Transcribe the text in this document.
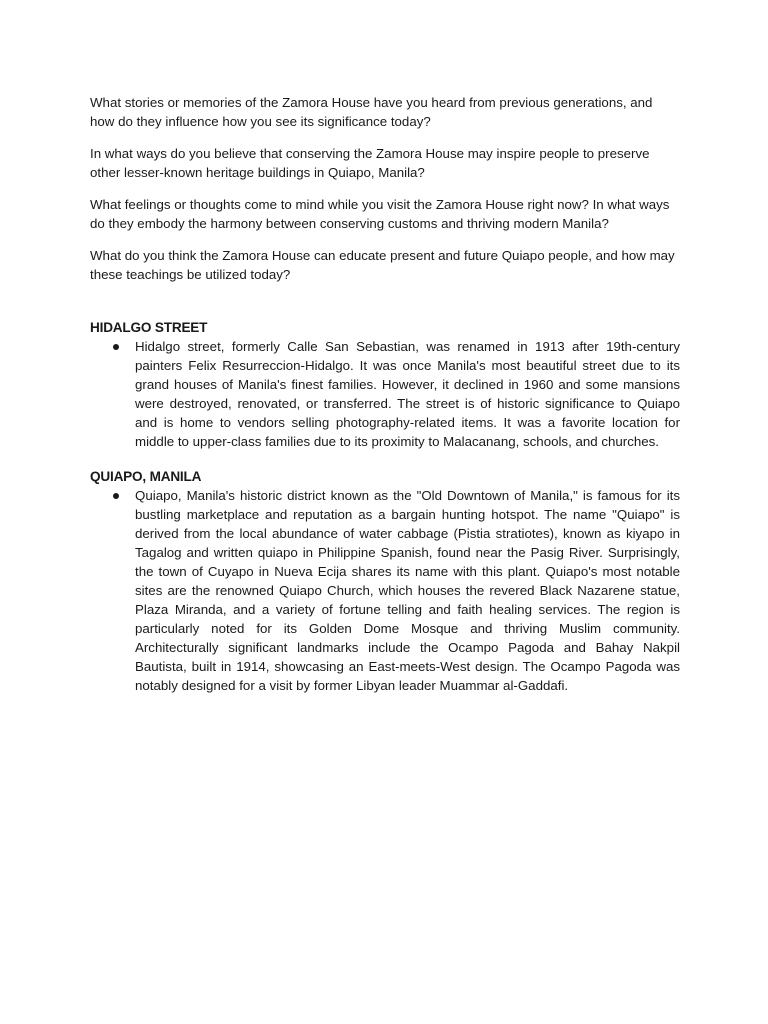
What stories or memories of the Zamora House have you heard from previous generations, and how do they influence how you see its significance today?

In what ways do you believe that conserving the Zamora House may inspire people to preserve other lesser-known heritage buildings in Quiapo, Manila?

What feelings or thoughts come to mind while you visit the Zamora House right now? In what ways do they embody the harmony between conserving customs and thriving modern Manila?

What do you think the Zamora House can educate present and future Quiapo people, and how may these teachings be utilized today?

HIDALGO STREET
Hidalgo street, formerly Calle San Sebastian, was renamed in 1913 after 19th-century painters Felix Resurreccion-Hidalgo. It was once Manila's most beautiful street due to its grand houses of Manila's finest families. However, it declined in 1960 and some mansions were destroyed, renovated, or transferred. The street is of historic significance to Quiapo and is home to vendors selling photography-related items. It was a favorite location for middle to upper-class families due to its proximity to Malacanang, schools, and churches.
QUIAPO, MANILA
Quiapo, Manila's historic district known as the "Old Downtown of Manila," is famous for its bustling marketplace and reputation as a bargain hunting hotspot. The name "Quiapo" is derived from the local abundance of water cabbage (Pistia stratiotes), known as kiyapo in Tagalog and written quiapo in Philippine Spanish, found near the Pasig River. Surprisingly, the town of Cuyapo in Nueva Ecija shares its name with this plant. Quiapo's most notable sites are the renowned Quiapo Church, which houses the revered Black Nazarene statue, Plaza Miranda, and a variety of fortune telling and faith healing services. The region is particularly noted for its Golden Dome Mosque and thriving Muslim community. Architecturally significant landmarks include the Ocampo Pagoda and Bahay Nakpil Bautista, built in 1914, showcasing an East-meets-West design. The Ocampo Pagoda was notably designed for a visit by former Libyan leader Muammar al-Gaddafi.
